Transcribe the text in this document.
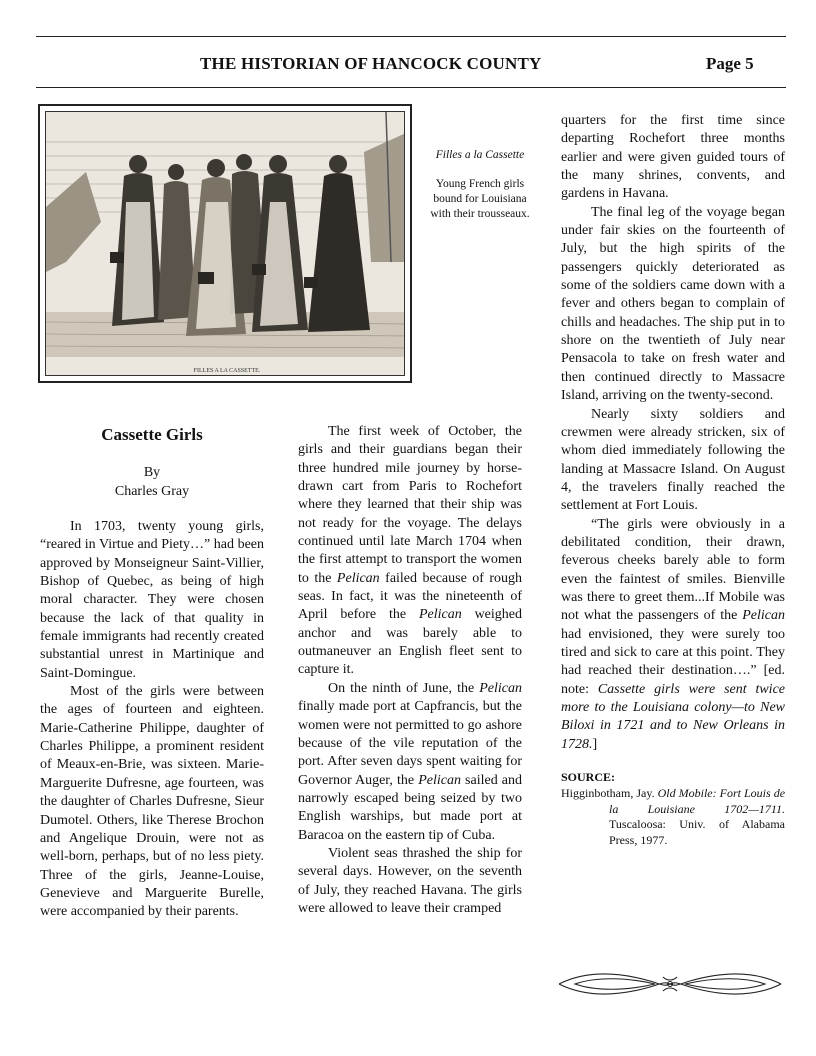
THE HISTORIAN OF HANCOCK COUNTY	Page 5
FILLES A LA CASSETTE.
Filles a la Cassette
Young French girls bound for Louisiana with their trousseaux.
Cassette Girls
By
Charles Gray

In 1703, twenty young girls, “reared in Virtue and Piety…” had been approved by Monseigneur Saint-Villier, Bishop of Quebec, as being of high moral character. They were chosen because the lack of that quality in female immigrants had recently created substantial unrest in Martinique and Saint-Domingue.

Most of the girls were between the ages of fourteen and eighteen. Marie-Catherine Philippe, daughter of Charles Philippe, a prominent resident of Meaux-en-Brie, was sixteen. Marie-Marguerite Dufresne, age fourteen, was the daughter of Charles Dufresne, Sieur Dumotel. Others, like Therese Brochon and Angelique Drouin, were not as well-born, perhaps, but of no less piety. Three of the girls, Jeanne-Louise, Genevieve and Marguerite Burelle, were accompanied by their parents.

The first week of October, the girls and their guardians began their three hundred mile journey by horse-drawn cart from Paris to Rochefort where they learned that their ship was not ready for the voyage. The delays continued until late March 1704 when the first attempt to transport the women to the Pelican failed because of rough seas. In fact, it was the nineteenth of April before the Pelican weighed anchor and was barely able to outmaneuver an English fleet sent to capture it.

On the ninth of June, the Pelican finally made port at Capfrancis, but the women were not permitted to go ashore because of the vile reputation of the port. After seven days spent waiting for Governor Auger, the Pelican sailed and narrowly escaped being seized by two English warships, but made port at Baracoa on the eastern tip of Cuba.

Violent seas thrashed the ship for several days. However, on the seventh of July, they reached Havana. The girls were allowed to leave their cramped

quarters for the first time since departing Rochefort three months earlier and were given guided tours of the many shrines, convents, and gardens in Havana.

The final leg of the voyage began under fair skies on the fourteenth of July, but the high spirits of the passengers quickly deteriorated as some of the soldiers came down with a fever and others began to complain of chills and headaches. The ship put in to shore on the twentieth of July near Pensacola to take on fresh water and then continued directly to Massacre Island, arriving on the twenty-second.

Nearly sixty soldiers and crewmen were already stricken, six of whom died immediately following the landing at Massacre Island. On August 4, the travelers finally reached the settlement at Fort Louis.

“The girls were obviously in a debilitated condition, their drawn, feverous cheeks barely able to form even the faintest of smiles. Bienville was there to greet them...If Mobile was not what the passengers of the Pelican had envisioned, they were surely too tired and sick to care at this point. They had reached their destination….” [ed. note: Cassette girls were sent twice more to the Louisiana colony—to New Biloxi in 1721 and to New Orleans in 1728.]

SOURCE:
Higginbotham, Jay. Old Mobile: Fort Louis de la Louisiane 1702—1711. Tuscaloosa: Univ. of Alabama Press, 1977.
